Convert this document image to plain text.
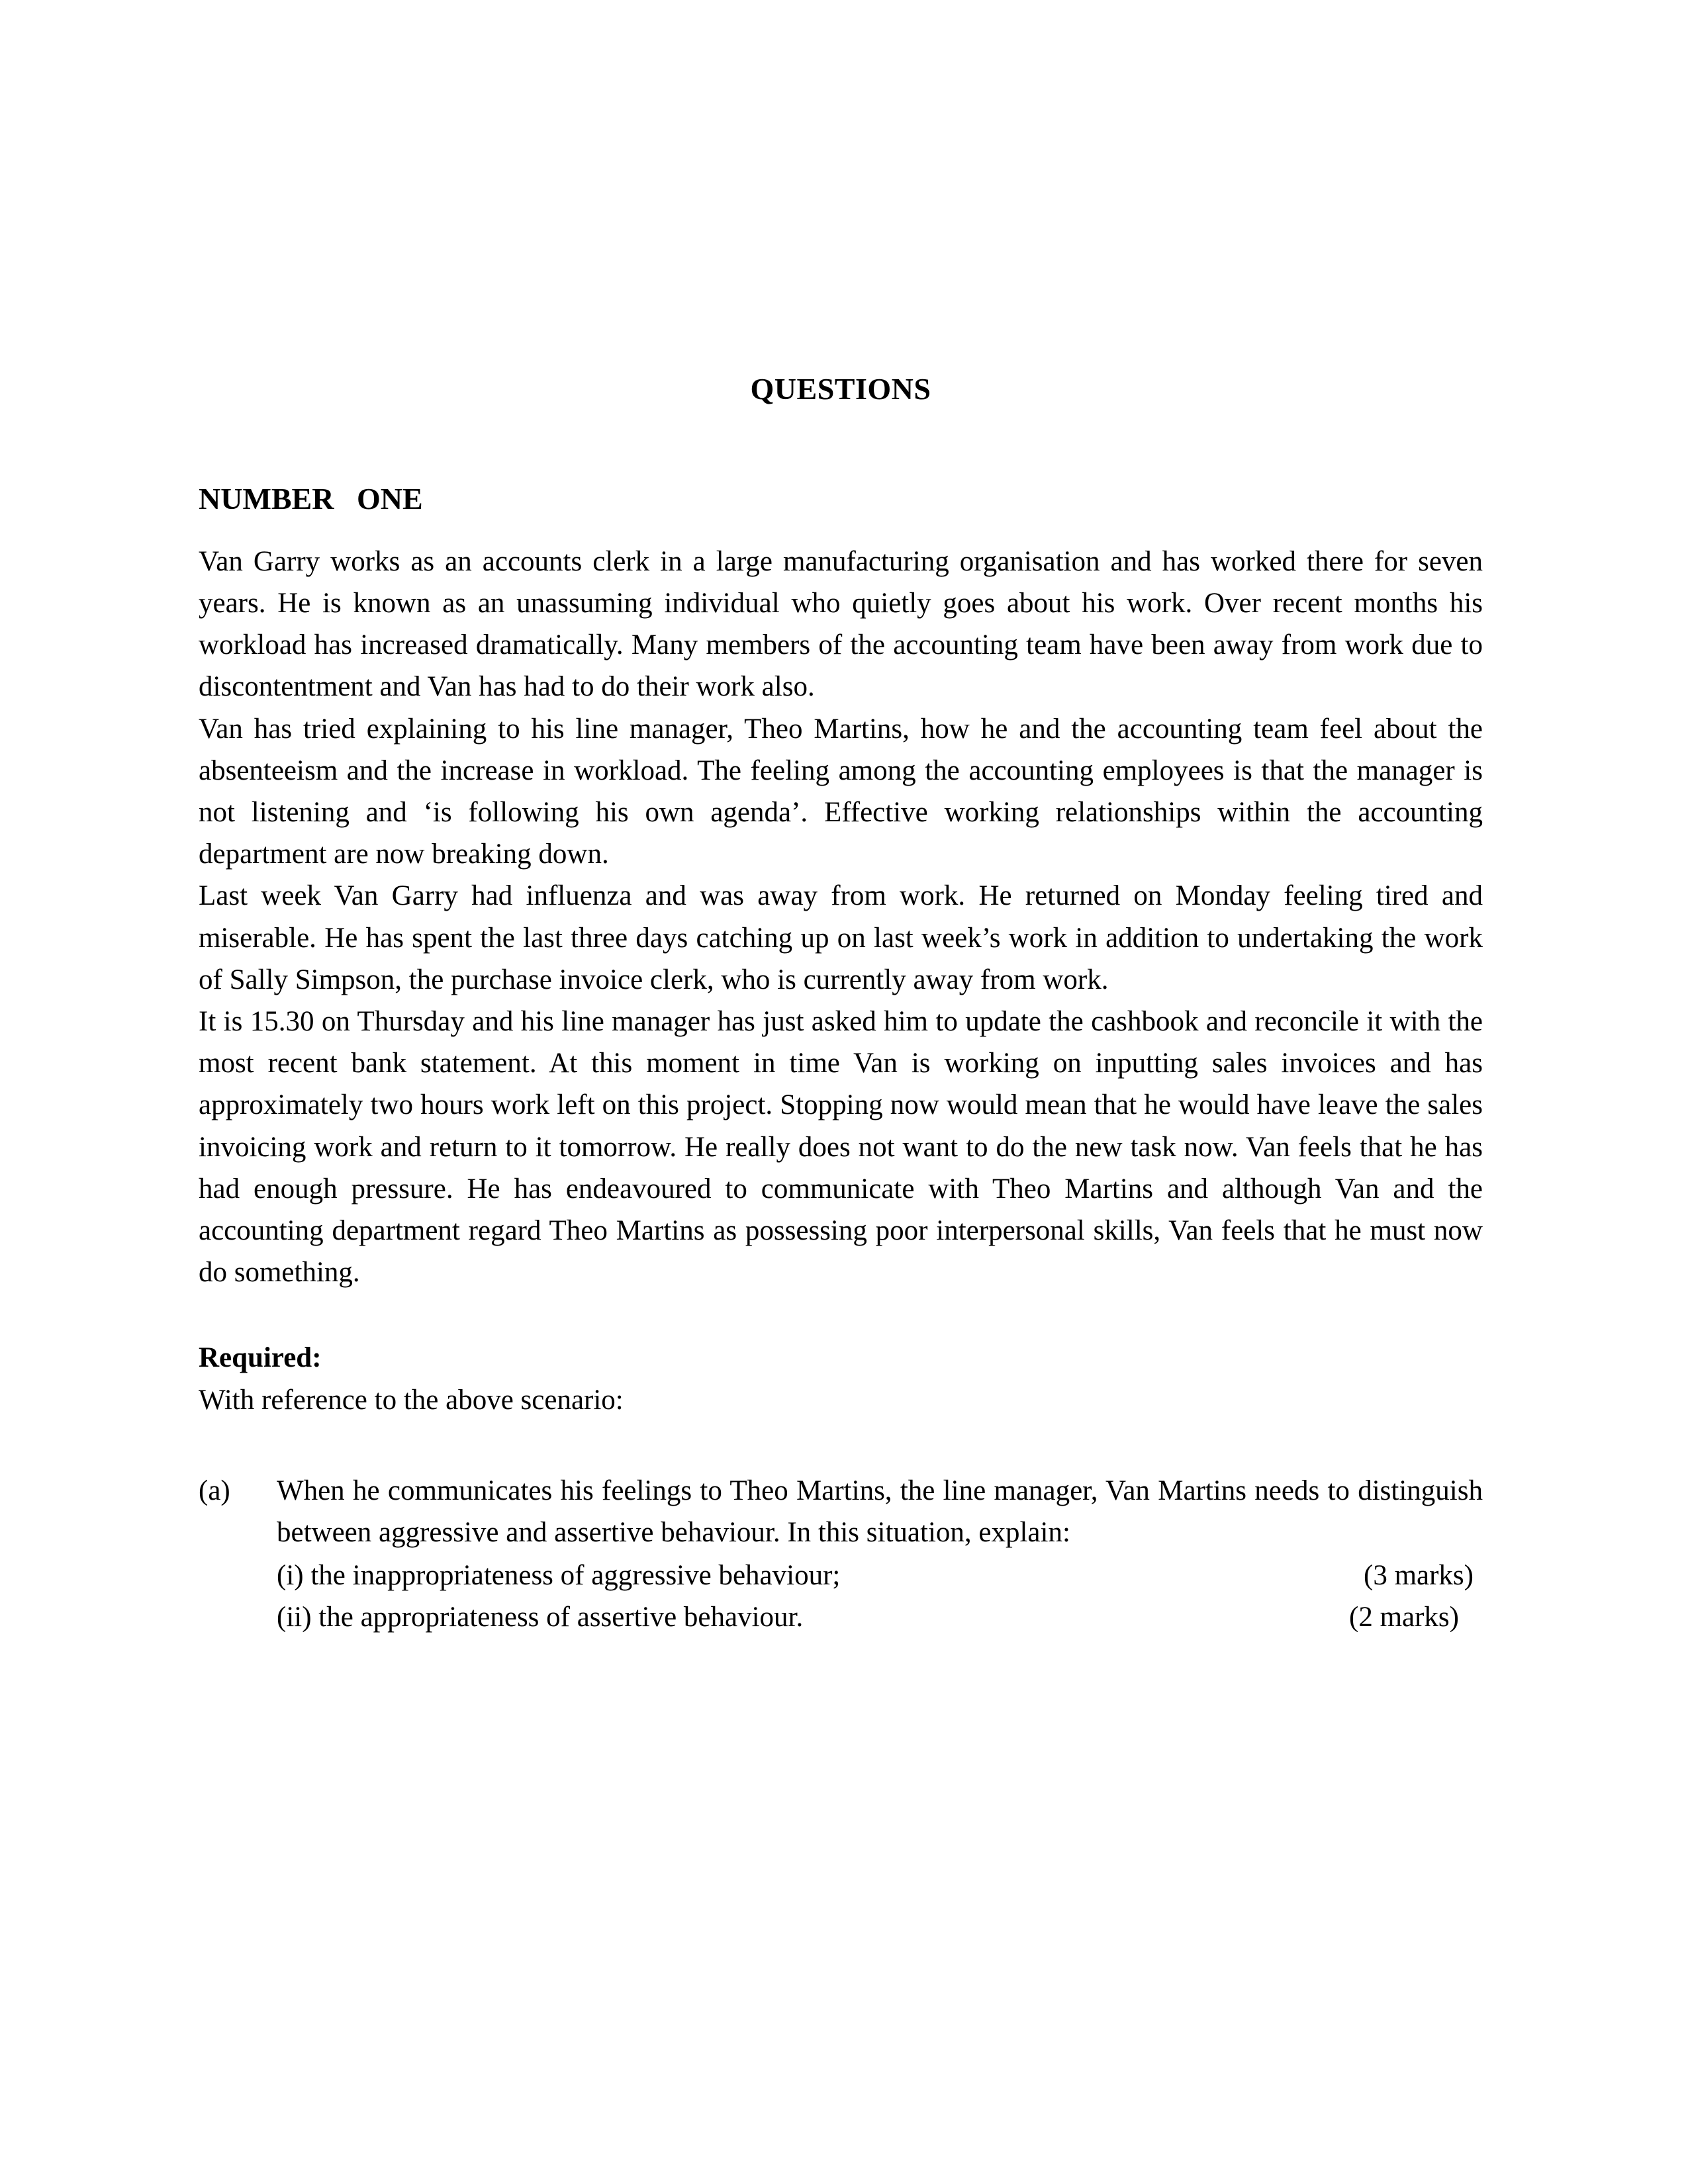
QUESTIONS
NUMBER   ONE

Van Garry works as an accounts clerk in a large manufacturing organisation and has worked there for seven years. He is known as an unassuming individual who quietly goes about his work. Over recent months his workload has increased dramatically. Many members of the accounting team have been away from work due to discontentment and Van has had to do their work also.

Van has tried explaining to his line manager, Theo Martins, how he and the accounting team feel about the absenteeism and the increase in workload. The feeling among the accounting employees is that the manager is not listening and ‘is following his own agenda’. Effective working relationships within the accounting department are now breaking down.

Last week Van Garry had influenza and was away from work. He returned on Monday feeling tired and miserable. He has spent the last three days catching up on last week’s work in addition to undertaking the work of Sally Simpson, the purchase invoice clerk, who is currently away from work.

It is 15.30 on Thursday and his line manager has just asked him to update the cashbook and reconcile it with the most recent bank statement. At this moment in time Van is working on inputting sales invoices and has approximately two hours work left on this project. Stopping now would mean that he would have leave the sales invoicing work and return to it tomorrow. He really does not want to do the new task now. Van feels that he has had enough pressure. He has endeavoured to communicate with Theo Martins and although Van and the accounting department regard Theo Martins as possessing poor interpersonal skills, Van feels that he must now do something.

Required:

With reference to the above scenario:

(a)	When he communicates his feelings to Theo Martins, the line manager, Van Martins needs to distinguish between aggressive and assertive behaviour. In this situation, explain:
(i) the inappropriateness of aggressive behaviour;	(3 marks)
(ii) the appropriateness of assertive behaviour.	(2 marks)
